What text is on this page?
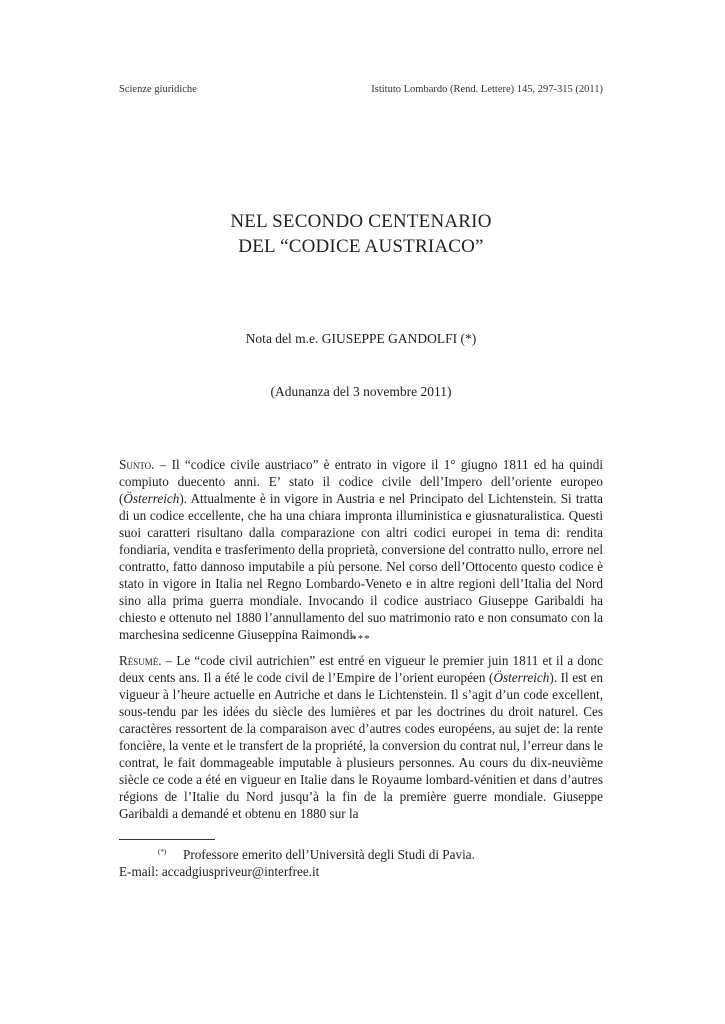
Scienze giuridiche	Istituto Lombardo (Rend. Lettere) 145, 297-315 (2011)
NEL SECONDO CENTENARIO
DEL “CODICE AUSTRIACO”
Nota del m.e. GIUSEPPE GANDOLFI (*)
(Adunanza del 3 novembre 2011)

Sunto. – Il “codice civile austriaco” è entrato in vigore il 1° giugno 1811 ed ha quindi compiuto duecento anni. E’ stato il codice civile dell’Impero dell’oriente europeo (Österreich). Attualmente è in vigore in Austria e nel Principato del Lichtenstein. Si tratta di un codice eccellente, che ha una chiara impronta illuministica e giusnaturalistica. Questi suoi caratteri risultano dalla comparazione con altri codici europei in tema di: rendita fondiaria, vendita e trasferimento della proprietà, conversione del contratto nullo, errore nel contratto, fatto dannoso imputabile a più persone. Nel corso dell’Ottocento questo codice è stato in vigore in Italia nel Regno Lombardo-Veneto e in altre regioni dell’Italia del Nord sino alla prima guerra mondiale. Invocando il codice austriaco Giuseppe Garibaldi ha chiesto e ottenuto nel 1880 l’annullamento del suo matrimonio rato e non consumato con la marchesina sedicenne Giuseppina Raimondi.

***

Résumé. – Le “code civil autrichien” est entré en vigueur le premier juin 1811 et il a donc deux cents ans. Il a été le code civil de l’Empire de l’orient européen (Österreich). Il est en vigueur à l’heure actuelle en Autriche et dans le Lichtenstein. Il s’agit d’un code excellent, sous-tendu par les idées du siècle des lumières et par les doctrines du droit naturel. Ces caractères ressortent de la comparaison avec d’autres codes européens, au sujet de: la rente foncière, la vente et le transfert de la propriété, la conversion du contrat nul, l’erreur dans le contrat, le fait dommageable imputable à plusieurs personnes. Au cours du dix-neuvième siècle ce code a été en vigueur en Italie dans le Royaume lombard-vénitien et dans d’autres régions de l’Italie du Nord jusqu’à la fin de la première guerre mondiale. Giuseppe Garibaldi a demandé et obtenu en 1880 sur la

(*) Professore emerito dell’Università degli Studi di Pavia.
E-mail: accadgiuspriveur@interfree.it
